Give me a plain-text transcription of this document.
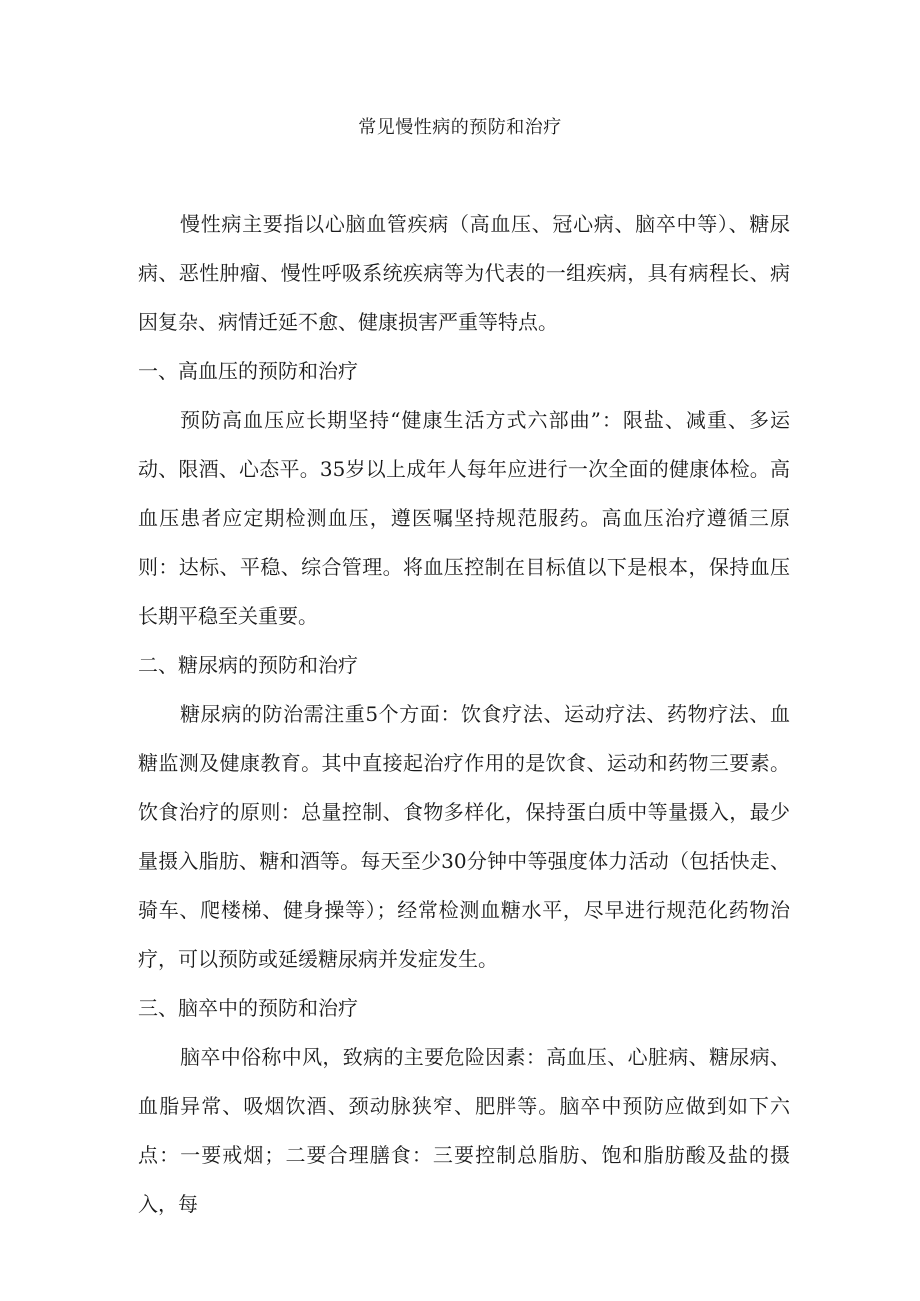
常见慢性病的预防和治疗

慢性病主要指以心脑血管疾病（高血压、冠心病、脑卒中等）、糖尿病、恶性肿瘤、慢性呼吸系统疾病等为代表的一组疾病，具有病程长、病因复杂、病情迁延不愈、健康损害严重等特点。

一、高血压的预防和治疗

预防高血压应长期坚持“健康生活方式六部曲”：限盐、减重、多运动、限酒、心态平。35岁以上成年人每年应进行一次全面的健康体检。高血压患者应定期检测血压，遵医嘱坚持规范服药。高血压治疗遵循三原则：达标、平稳、综合管理。将血压控制在目标值以下是根本，保持血压长期平稳至关重要。

二、糖尿病的预防和治疗

糖尿病的防治需注重5个方面：饮食疗法、运动疗法、药物疗法、血糖监测及健康教育。其中直接起治疗作用的是饮食、运动和药物三要素。饮食治疗的原则：总量控制、食物多样化，保持蛋白质中等量摄入，最少量摄入脂肪、糖和酒等。每天至少30分钟中等强度体力活动（包括快走、骑车、爬楼梯、健身操等）；经常检测血糖水平，尽早进行规范化药物治疗，可以预防或延缓糖尿病并发症发生。

三、脑卒中的预防和治疗

脑卒中俗称中风，致病的主要危险因素：高血压、心脏病、糖尿病、血脂异常、吸烟饮酒、颈动脉狭窄、肥胖等。脑卒中预防应做到如下六点：一要戒烟；二要合理膳食：三要控制总脂肪、饱和脂肪酸及盐的摄入，每
